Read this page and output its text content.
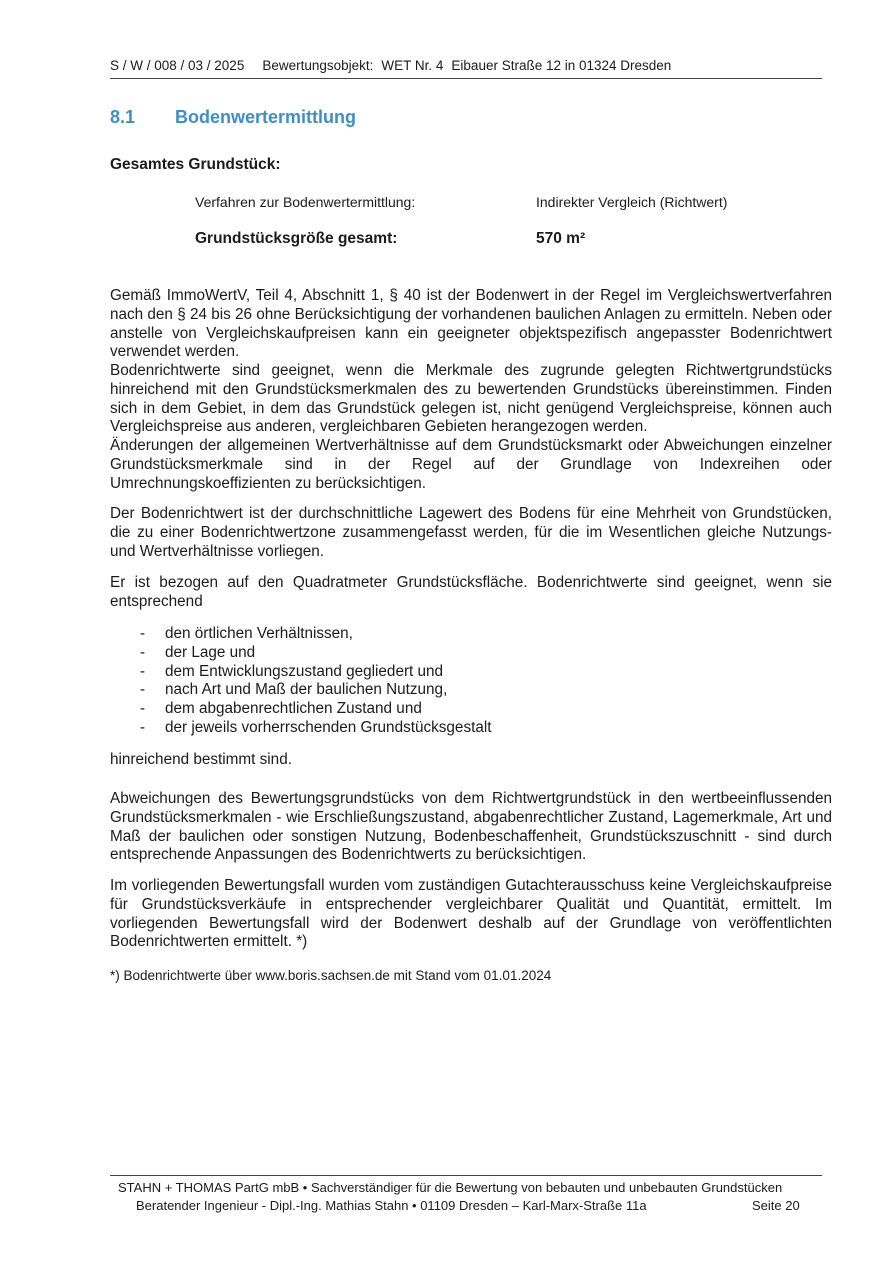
S / W / 008 / 03 / 2025 Bewertungsobjekt: WET Nr. 4 Eibauer Straße 12 in 01324 Dresden
8.1 Bodenwertermittlung
Gesamtes Grundstück:
Verfahren zur Bodenwertermittlung:	Indirekter Vergleich (Richtwert)
Grundstücksgröße gesamt:	570 m²

Gemäß ImmoWertV, Teil 4, Abschnitt 1, § 40 ist der Bodenwert in der Regel im Vergleichswertverfahren nach den § 24 bis 26 ohne Berücksichtigung der vorhandenen baulichen Anlagen zu ermitteln. Neben oder anstelle von Vergleichskaufpreisen kann ein geeigneter objektspezifisch angepasster Bodenrichtwert verwendet werden.

Bodenrichtwerte sind geeignet, wenn die Merkmale des zugrunde gelegten Richtwertgrundstücks hinreichend mit den Grundstücksmerkmalen des zu bewertenden Grundstücks übereinstimmen. Finden sich in dem Gebiet, in dem das Grundstück gelegen ist, nicht genügend Vergleichspreise, können auch Vergleichspreise aus anderen, vergleichbaren Gebieten herangezogen werden.

Änderungen der allgemeinen Wertverhältnisse auf dem Grundstücksmarkt oder Abweichungen einzelner Grundstücksmerkmale sind in der Regel auf der Grundlage von Indexreihen oder Umrechnungskoeffizienten zu berücksichtigen.

Der Bodenrichtwert ist der durchschnittliche Lagewert des Bodens für eine Mehrheit von Grundstücken, die zu einer Bodenrichtwertzone zusammengefasst werden, für die im Wesentlichen gleiche Nutzungs- und Wertverhältnisse vorliegen.

Er ist bezogen auf den Quadratmeter Grundstücksfläche. Bodenrichtwerte sind geeignet, wenn sie entsprechend

- den örtlichen Verhältnissen,
- der Lage und
- dem Entwicklungszustand gegliedert und
- nach Art und Maß der baulichen Nutzung,
- dem abgabenrechtlichen Zustand und
- der jeweils vorherrschenden Grundstücksgestalt

hinreichend bestimmt sind.

Abweichungen des Bewertungsgrundstücks von dem Richtwertgrundstück in den wertbeeinflussenden Grundstücksmerkmalen - wie Erschließungszustand, abgabenrechtlicher Zustand, Lagemerkmale, Art und Maß der baulichen oder sonstigen Nutzung, Bodenbeschaffenheit, Grundstückszuschnitt - sind durch entsprechende Anpassungen des Bodenrichtwerts zu berücksichtigen.

Im vorliegenden Bewertungsfall wurden vom zuständigen Gutachterausschuss keine Vergleichskaufpreise für Grundstücksverkäufe in entsprechender vergleichbarer Qualität und Quantität, ermittelt. Im vorliegenden Bewertungsfall wird der Bodenwert deshalb auf der Grundlage von veröffentlichten Bodenrichtwerten ermittelt. *)

*) Bodenrichtwerte über www.boris.sachsen.de mit Stand vom 01.01.2024
STAHN + THOMAS PartG mbB • Sachverständiger für die Bewertung von bebauten und unbebauten Grundstücken
Beratender Ingenieur - Dipl.-Ing. Mathias Stahn • 01109 Dresden – Karl-Marx-Straße 11a	Seite 20
